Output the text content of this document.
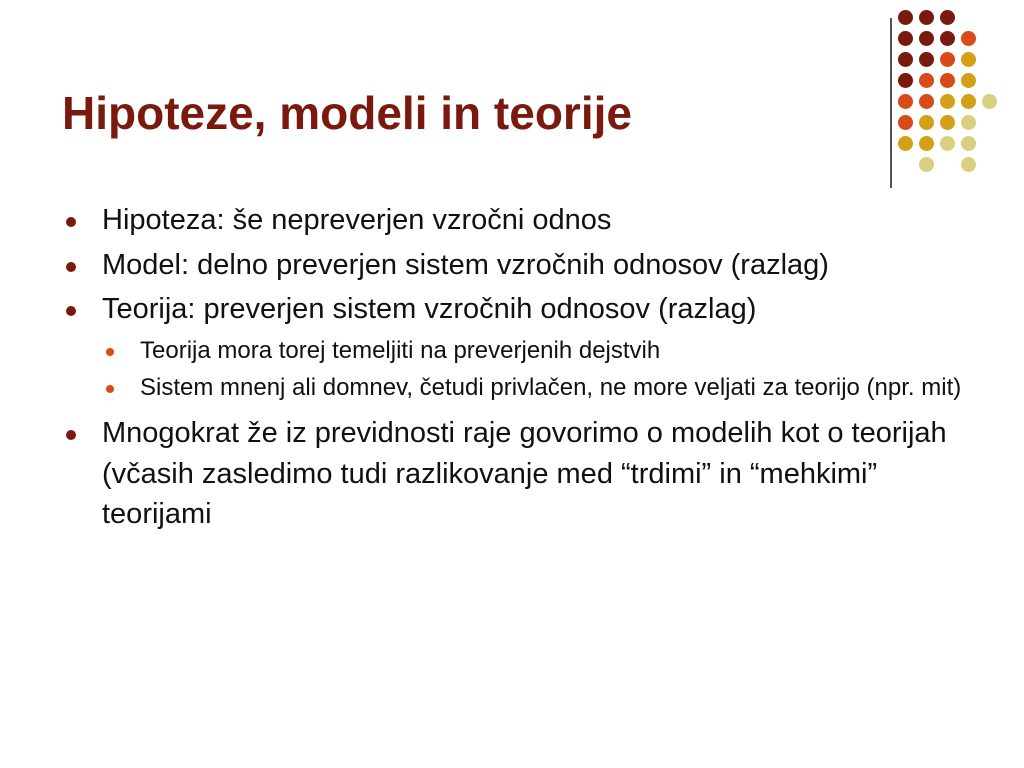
Hipoteze, modeli in teorije
Hipoteza: še nepreverjen vzročni odnos
Model: delno preverjen sistem vzročnih odnosov (razlag)
Teorija: preverjen sistem vzročnih odnosov (razlag)
Teorija mora torej temeljiti na preverjenih dejstvih
Sistem mnenj ali domnev, četudi privlačen, ne more veljati za teorijo (npr. mit)
Mnogokrat že iz previdnosti raje govorimo o modelih kot o teorijah (včasih zasledimo tudi razlikovanje med “trdimi” in “mehkimi” teorijami
